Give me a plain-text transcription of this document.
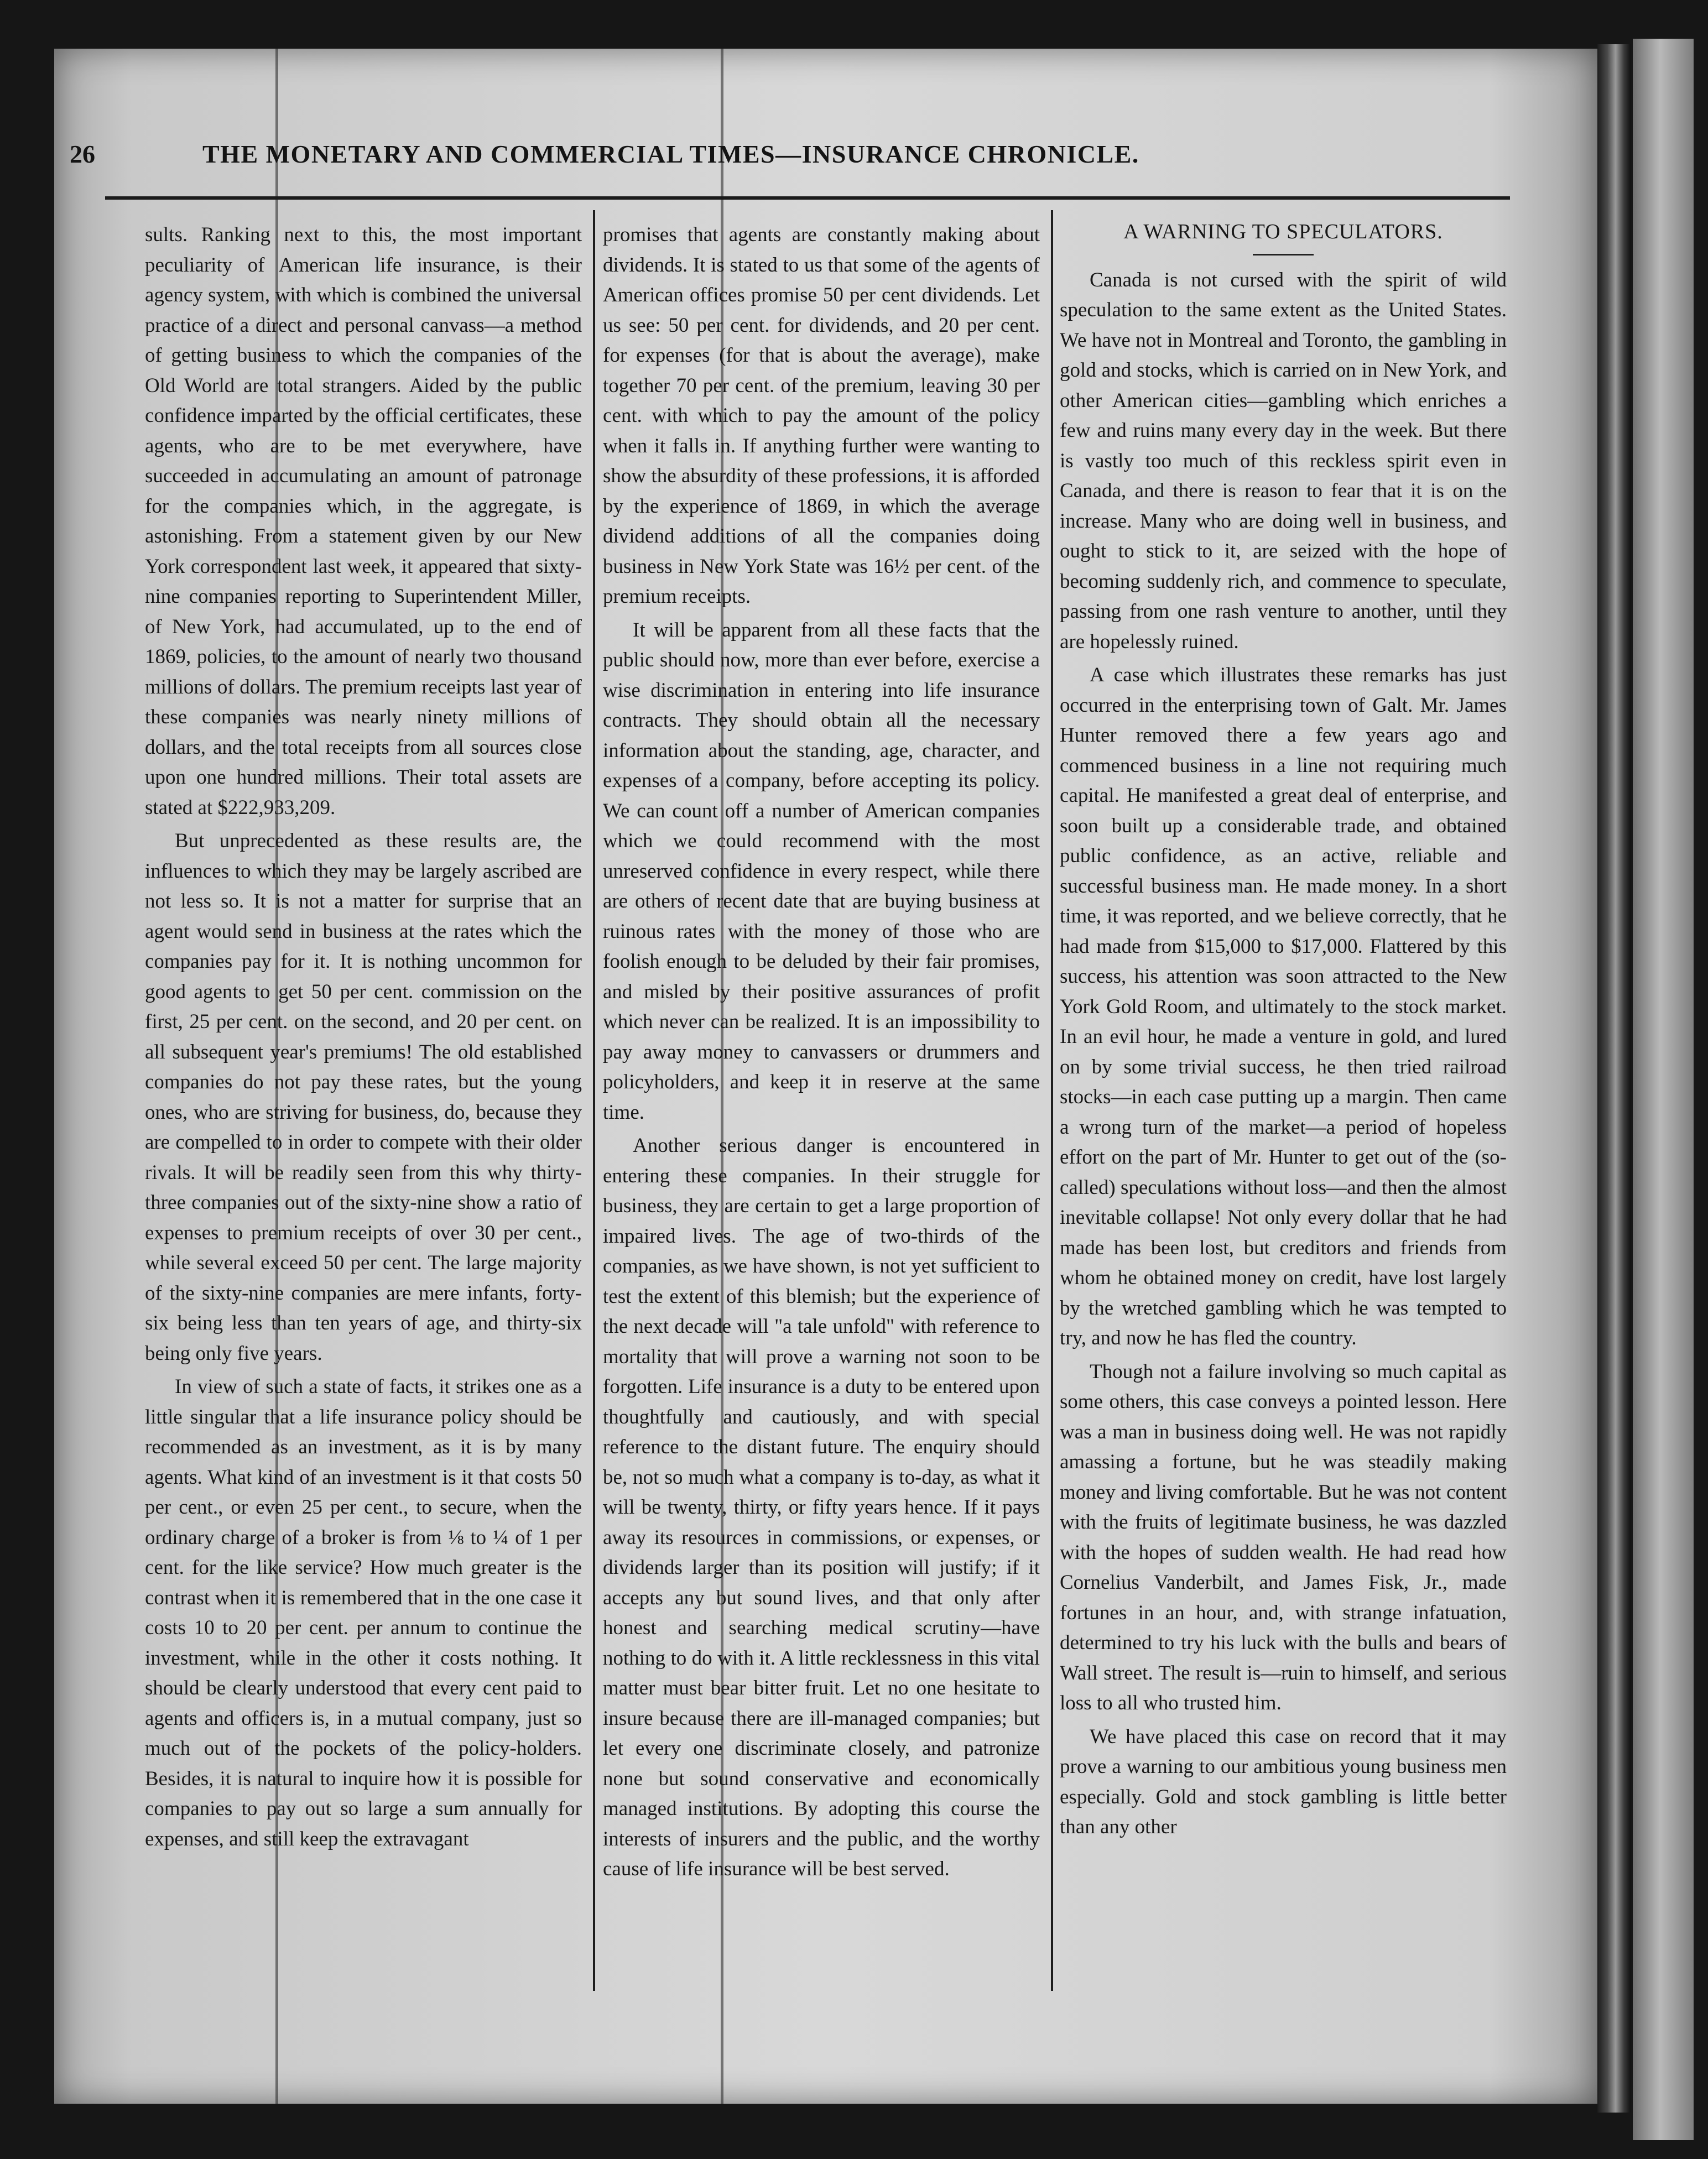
26	THE MONETARY AND COMMERCIAL TIMES—INSURANCE CHRONICLE.

sults. Ranking next to this, the most important peculiarity of American life insurance, is their agency system, with which is combined the universal practice of a direct and personal canvass—a method of getting business to which the companies of the Old World are total strangers. Aided by the public confidence imparted by the official certificates, these agents, who are to be met everywhere, have succeeded in accumulating an amount of patronage for the companies which, in the aggregate, is astonishing. From a statement given by our New York correspondent last week, it appeared that sixty-nine companies reporting to Superintendent Miller, of New York, had accumulated, up to the end of 1869, policies, to the amount of nearly two thousand millions of dollars. The premium receipts last year of these companies was nearly ninety millions of dollars, and the total receipts from all sources close upon one hundred millions. Their total assets are stated at $222,933,209.

But unprecedented as these results are, the influences to which they may be largely ascribed are not less so. It is not a matter for surprise that an agent would send in business at the rates which the companies pay for it. It is nothing uncommon for good agents to get 50 per cent. commission on the first, 25 per cent. on the second, and 20 per cent. on all subsequent year's premiums! The old established companies do not pay these rates, but the young ones, who are striving for business, do, because they are compelled to in order to compete with their older rivals. It will be readily seen from this why thirty-three companies out of the sixty-nine show a ratio of expenses to premium receipts of over 30 per cent., while several exceed 50 per cent. The large majority of the sixty-nine companies are mere infants, forty-six being less than ten years of age, and thirty-six being only five years.

In view of such a state of facts, it strikes one as a little singular that a life insurance policy should be recommended as an investment, as it is by many agents. What kind of an investment is it that costs 50 per cent., or even 25 per cent., to secure, when the ordinary charge of a broker is from ⅛ to ¼ of 1 per cent. for the like service? How much greater is the contrast when it is remembered that in the one case it costs 10 to 20 per cent. per annum to continue the investment, while in the other it costs nothing. It should be clearly understood that every cent paid to agents and officers is, in a mutual company, just so much out of the pockets of the policy-holders. Besides, it is natural to inquire how it is possible for companies to pay out so large a sum annually for expenses, and still keep the extravagant

promises that agents are constantly making about dividends. It is stated to us that some of the agents of American offices promise 50 per cent dividends. Let us see: 50 per cent. for dividends, and 20 per cent. for expenses (for that is about the average), make together 70 per cent. of the premium, leaving 30 per cent. with which to pay the amount of the policy when it falls in. If anything further were wanting to show the absurdity of these professions, it is afforded by the experience of 1869, in which the average dividend additions of all the companies doing business in New York State was 16½ per cent. of the premium receipts.

It will be apparent from all these facts that the public should now, more than ever before, exercise a wise discrimination in entering into life insurance contracts. They should obtain all the necessary information about the standing, age, character, and expenses of a company, before accepting its policy. We can count off a number of American companies which we could recommend with the most unreserved confidence in every respect, while there are others of recent date that are buying business at ruinous rates with the money of those who are foolish enough to be deluded by their fair promises, and misled by their positive assurances of profit which never can be realized. It is an impossibility to pay away money to canvassers or drummers and policyholders, and keep it in reserve at the same time.

Another serious danger is encountered in entering these companies. In their struggle for business, they are certain to get a large proportion of impaired lives. The age of two-thirds of the companies, as we have shown, is not yet sufficient to test the extent of this blemish; but the experience of the next decade will "a tale unfold" with reference to mortality that will prove a warning not soon to be forgotten. Life insurance is a duty to be entered upon thoughtfully and cautiously, and with special reference to the distant future. The enquiry should be, not so much what a company is to-day, as what it will be twenty, thirty, or fifty years hence. If it pays away its resources in commissions, or expenses, or dividends larger than its position will justify; if it accepts any but sound lives, and that only after honest and searching medical scrutiny—have nothing to do with it. A little recklessness in this vital matter must bear bitter fruit. Let no one hesitate to insure because there are ill-managed companies; but let every one discriminate closely, and patronize none but sound conservative and economically managed institutions. By adopting this course the interests of insurers and the public, and the worthy cause of life insurance will be best served.

A WARNING TO SPECULATORS.

Canada is not cursed with the spirit of wild speculation to the same extent as the United States. We have not in Montreal and Toronto, the gambling in gold and stocks, which is carried on in New York, and other American cities—gambling which enriches a few and ruins many every day in the week. But there is vastly too much of this reckless spirit even in Canada, and there is reason to fear that it is on the increase. Many who are doing well in business, and ought to stick to it, are seized with the hope of becoming suddenly rich, and commence to speculate, passing from one rash venture to another, until they are hopelessly ruined.

A case which illustrates these remarks has just occurred in the enterprising town of Galt. Mr. James Hunter removed there a few years ago and commenced business in a line not requiring much capital. He manifested a great deal of enterprise, and soon built up a considerable trade, and obtained public confidence, as an active, reliable and successful business man. He made money. In a short time, it was reported, and we believe correctly, that he had made from $15,000 to $17,000. Flattered by this success, his attention was soon attracted to the New York Gold Room, and ultimately to the stock market. In an evil hour, he made a venture in gold, and lured on by some trivial success, he then tried railroad stocks—in each case putting up a margin. Then came a wrong turn of the market—a period of hopeless effort on the part of Mr. Hunter to get out of the (so-called) speculations without loss—and then the almost inevitable collapse! Not only every dollar that he had made has been lost, but creditors and friends from whom he obtained money on credit, have lost largely by the wretched gambling which he was tempted to try, and now he has fled the country.

Though not a failure involving so much capital as some others, this case conveys a pointed lesson. Here was a man in business doing well. He was not rapidly amassing a fortune, but he was steadily making money and living comfortable. But he was not content with the fruits of legitimate business, he was dazzled with the hopes of sudden wealth. He had read how Cornelius Vanderbilt, and James Fisk, Jr., made fortunes in an hour, and, with strange infatuation, determined to try his luck with the bulls and bears of Wall street. The result is—ruin to himself, and serious loss to all who trusted him.

We have placed this case on record that it may prove a warning to our ambitious young business men especially. Gold and stock gambling is little better than any other
